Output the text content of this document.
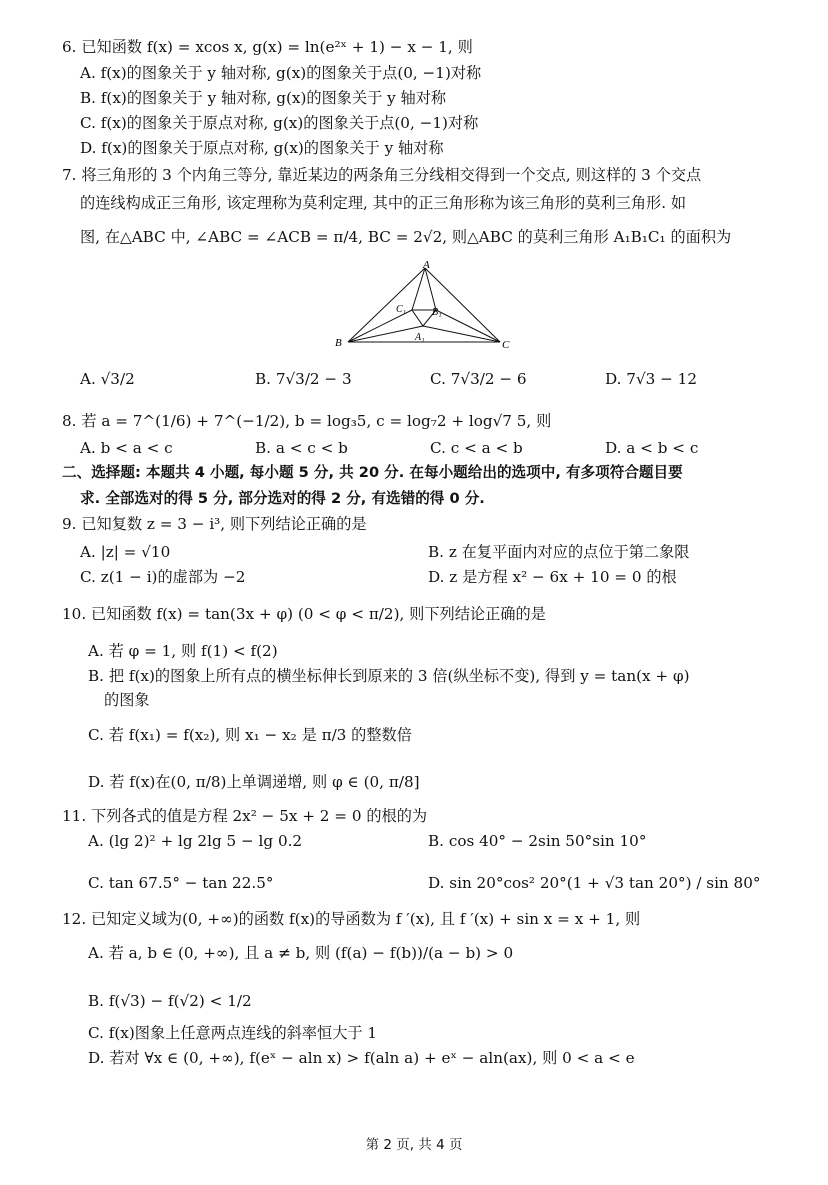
6. 已知函数 f(x) = xcos x, g(x) = ln(e²ˣ + 1) − x − 1, 则
A. f(x)的图象关于 y 轴对称, g(x)的图象关于点(0, −1)对称
B. f(x)的图象关于 y 轴对称, g(x)的图象关于 y 轴对称
C. f(x)的图象关于原点对称, g(x)的图象关于点(0, −1)对称
D. f(x)的图象关于原点对称, g(x)的图象关于 y 轴对称
7. 将三角形的 3 个内角三等分, 靠近某边的两条角三分线相交得到一个交点, 则这样的 3 个交点
的连线构成正三角形, 该定理称为莫利定理, 其中的正三角形称为该三角形的莫利三角形. 如
图, 在△ABC 中, ∠ABC = ∠ACB = π/4, BC = 2√2, 则△ABC 的莫利三角形 A₁B₁C₁ 的面积为
A
B	C
C₁	B₁
A₁
A. √3/2	B. 7√3/2 − 3	C. 7√3/2 − 6	D. 7√3 − 12
8. 若 a = 7^(1/6) + 7^(−1/2), b = log₃5, c = log₇2 + log√7 5, 则
A. b < a < c	B. a < c < b	C. c < a < b	D. a < b < c
二、选择题: 本题共 4 小题, 每小题 5 分, 共 20 分. 在每小题给出的选项中, 有多项符合题目要
求. 全部选对的得 5 分, 部分选对的得 2 分, 有选错的得 0 分.
9. 已知复数 z = 3 − i³, 则下列结论正确的是
A. |z| = √10	B. z 在复平面内对应的点位于第二象限
C. z(1 − i)的虚部为 −2	D. z 是方程 x² − 6x + 10 = 0 的根
10. 已知函数 f(x) = tan(3x + φ) (0 < φ < π/2), 则下列结论正确的是
A. 若 φ = 1, 则 f(1) < f(2)
B. 把 f(x)的图象上所有点的横坐标伸长到原来的 3 倍(纵坐标不变), 得到 y = tan(x + φ)
的图象
C. 若 f(x₁) = f(x₂), 则 x₁ − x₂ 是 π/3 的整数倍
D. 若 f(x)在(0, π/8)上单调递增, 则 φ ∈ (0, π/8]
11. 下列各式的值是方程 2x² − 5x + 2 = 0 的根的为
A. (lg 2)² + lg 2lg 5 − lg 0.2	B. cos 40° − 2sin 50°sin 10°
C. tan 67.5° − tan 22.5°	D. sin 20°cos² 20°(1 + √3 tan 20°) / sin 80°
12. 已知定义域为(0, +∞)的函数 f(x)的导函数为 f ′(x), 且 f ′(x) + sin x = x + 1, 则
A. 若 a, b ∈ (0, +∞), 且 a ≠ b, 则 (f(a) − f(b))/(a − b) > 0
B. f(√3) − f(√2) < 1/2
C. f(x)图象上任意两点连线的斜率恒大于 1
D. 若对 ∀x ∈ (0, +∞), f(eˣ − aln x) > f(aln a) + eˣ − aln(ax), 则 0 < a < e
第 2 页, 共 4 页
